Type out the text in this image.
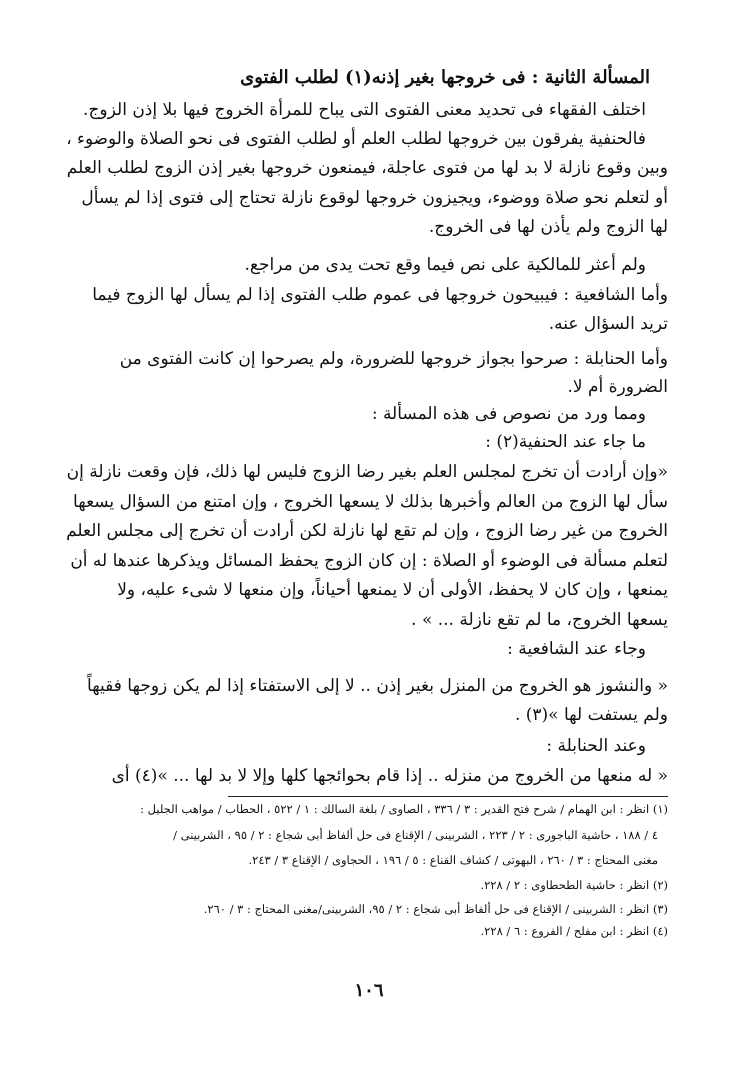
المسألة الثانية : فى خروجها بغير إذنه(١) لطلب الفتوى
اختلف الفقهاء فى تحديد معنى الفتوى التى يباح للمرأة الخروج فيها بلا إذن الزوج.
فالحنفية يفرقون بين خروجها لطلب العلم أو لطلب الفتوى فى نحو الصلاة والوضوء ،
وبين وقوع نازلة لا بد لها من فتوى عاجلة، فيمنعون خروجها بغير إذن الزوج لطلب العلم
أو لتعلم نحو صلاة ووضوء، ويجيزون خروجها لوقوع نازلة تحتاج إلى فتوى إذا لم يسأل
لها الزوج ولم يأذن لها فى الخروج.
ولم أعثر للمالكية على نص فيما وقع تحت يدى من مراجع.
وأما الشافعية : فيبيحون خروجها فى عموم طلب الفتوى إذا لم يسأل لها الزوج فيما
تريد السؤال عنه.
وأما الحنابلة : صرحوا بجواز خروجها للضرورة، ولم يصرحوا إن كانت الفتوى من
الضرورة أم لا.
ومما ورد من نصوص فى هذه المسألة :
ما جاء عند الحنفية(٢) :
«وإن أرادت أن تخرج لمجلس العلم بغير رضا الزوج فليس لها ذلك، فإن وقعت نازلة إن
سأل لها الزوج من العالم وأخبرها بذلك لا يسعها الخروج ، وإن امتنع من السؤال يسعها
الخروج من غير رضا الزوج ، وإن لم تقع لها نازلة لكن أرادت أن تخرج إلى مجلس العلم
لتعلم مسألة فى الوضوء أو الصلاة : إن كان الزوج يحفظ المسائل ويذكرها عندها له أن
يمنعها ، وإن كان لا يحفظ، الأولى أن لا يمنعها أحياناً، وإن منعها لا شىء عليه، ولا
يسعها الخروج، ما لم تقع نازلة ... » .
وجاء عند الشافعية :
« والنشوز هو الخروج من المنزل بغير إذن .. لا إلى الاستفتاء إذا لم يكن زوجها فقيهاً
ولم يستفت لها »(٣) .
وعند الحنابلة :
« له منعها من الخروج من منزله .. إذا قام بحوائجها كلها وإلا لا بد لها ... »(٤) أى
(١) انظر : ابن الهمام / شرح فتح القدير : ٣ / ٣٣٦ ، الصاوى / بلغة السالك : ١ / ٥٢٢ ، الحطاب / مواهب الجليل :
٤ / ١٨٨ ، حاشية الباجورى : ٢ / ٢٢٣ ، الشربينى / الإقناع فى حل ألفاظ أبى شجاع : ٢ / ٩٥ ، الشربينى /
مغنى المحتاج : ٣ / ٢٦٠ ، البهوتى / كشاف القناع : ٥ / ١٩٦ ، الحجاوى / الإقناع ٣ / ٢٤٣.
(٢) انظر : حاشية الطحطاوى : ٢ / ٢٢٨.
(٣) انظر : الشربينى / الإقناع فى حل ألفاظ أبى شجاع : ٢ / ٩٥، الشربينى/مغنى المحتاج : ٣ / ٢٦٠.
(٤) انظر : ابن مفلح / الفروع : ٦ / ٢٢٨.
١٠٦
